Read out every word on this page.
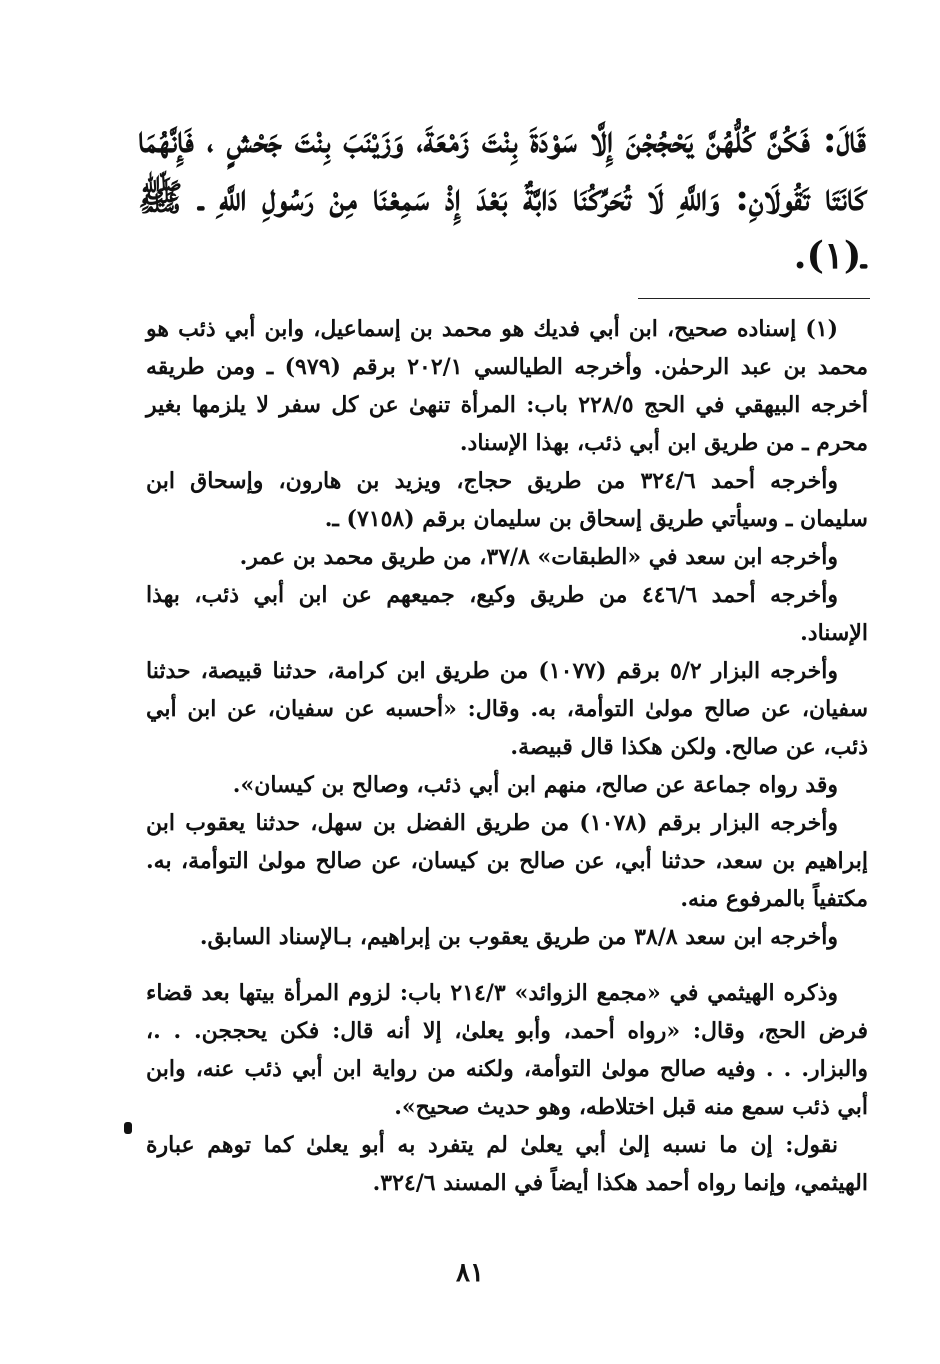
قَالَ: فَكُنَّ كُلُّهُنَّ يَحْجُجْنَ إِلَّا سَوْدَةَ بِنْتَ زَمْعَةَ، وَزَيْنَبَ بِنْتَ جَحْشٍ ، فَإِنَّهُمَا كَانَتَا تَقُولَانِ: وَاللَّهِ لَا تُحَرِّكُنَا دَابَّةٌ بَعْدَ إِذْ سَمِعْنَا مِنْ رَسُولِ اللَّهِ ـ ﷺ ـ(١).

(١) إسناده صحيح، ابن أبي فديك هو محمد بن إسماعيل، وابن أبي ذئب هو محمد بن عبد الرحمٰن. وأخرجه الطيالسي ٢٠٢/١ برقم (٩٧٩) ـ ومن طريقه أخرجه البيهقي في الحج ٢٢٨/٥ باب: المرأة تنهىٰ عن كل سفر لا يلزمها بغير محرم ـ من طريق ابن أبي ذئب، بهذا الإسناد.

وأخرجه أحمد ٣٢٤/٦ من طريق حجاج، ويزيد بن هارون، وإسحاق ابن سليمان ـ وسيأتي طريق إسحاق بن سليمان برقم (٧١٥٨) ـ.

وأخرجه ابن سعد في «الطبقات» ٣٧/٨، من طريق محمد بن عمر.

وأخرجه أحمد ٤٤٦/٦ من طريق وكيع، جميعهم عن ابن أبي ذئب، بهذا الإسناد.

وأخرجه البزار ٥/٢ برقم (١٠٧٧) من طريق ابن كرامة، حدثنا قبيصة، حدثنا سفيان، عن صالح مولىٰ التوأمة، به. وقال: «أحسبه عن سفيان، عن ابن أبي ذئب، عن صالح. ولكن هكذا قال قبيصة.

وقد رواه جماعة عن صالح، منهم ابن أبي ذئب، وصالح بن كيسان».

وأخرجه البزار برقم (١٠٧٨) من طريق الفضل بن سهل، حدثنا يعقوب ابن إبراهيم بن سعد، حدثنا أبي، عن صالح بن كيسان، عن صالح مولىٰ التوأمة، به. مكتفياً بالمرفوع منه.

وأخرجه ابن سعد ٣٨/٨ من طريق يعقوب بن إبراهيم، بـالإسناد السابق.

وذكره الهيثمي في «مجمع الزوائد» ٢١٤/٣ باب: لزوم المرأة بيتها بعد قضاء فرض الحج، وقال: «رواه أحمد، وأبو يعلىٰ، إلا أنه قال: فكن يحججن. . .، والبزار. . . وفيه صالح مولىٰ التوأمة، ولكنه من رواية ابن أبي ذئب عنه، وابن أبي ذئب سمع منه قبل اختلاطه، وهو حديث صحيح».

نقول: إن ما نسبه إلىٰ أبي يعلىٰ لم يتفرد به أبو يعلىٰ كما توهم عبارة الهيثمي، وإنما رواه أحمد هكذا أيضاً في المسند ٣٢٤/٦.

٨١
